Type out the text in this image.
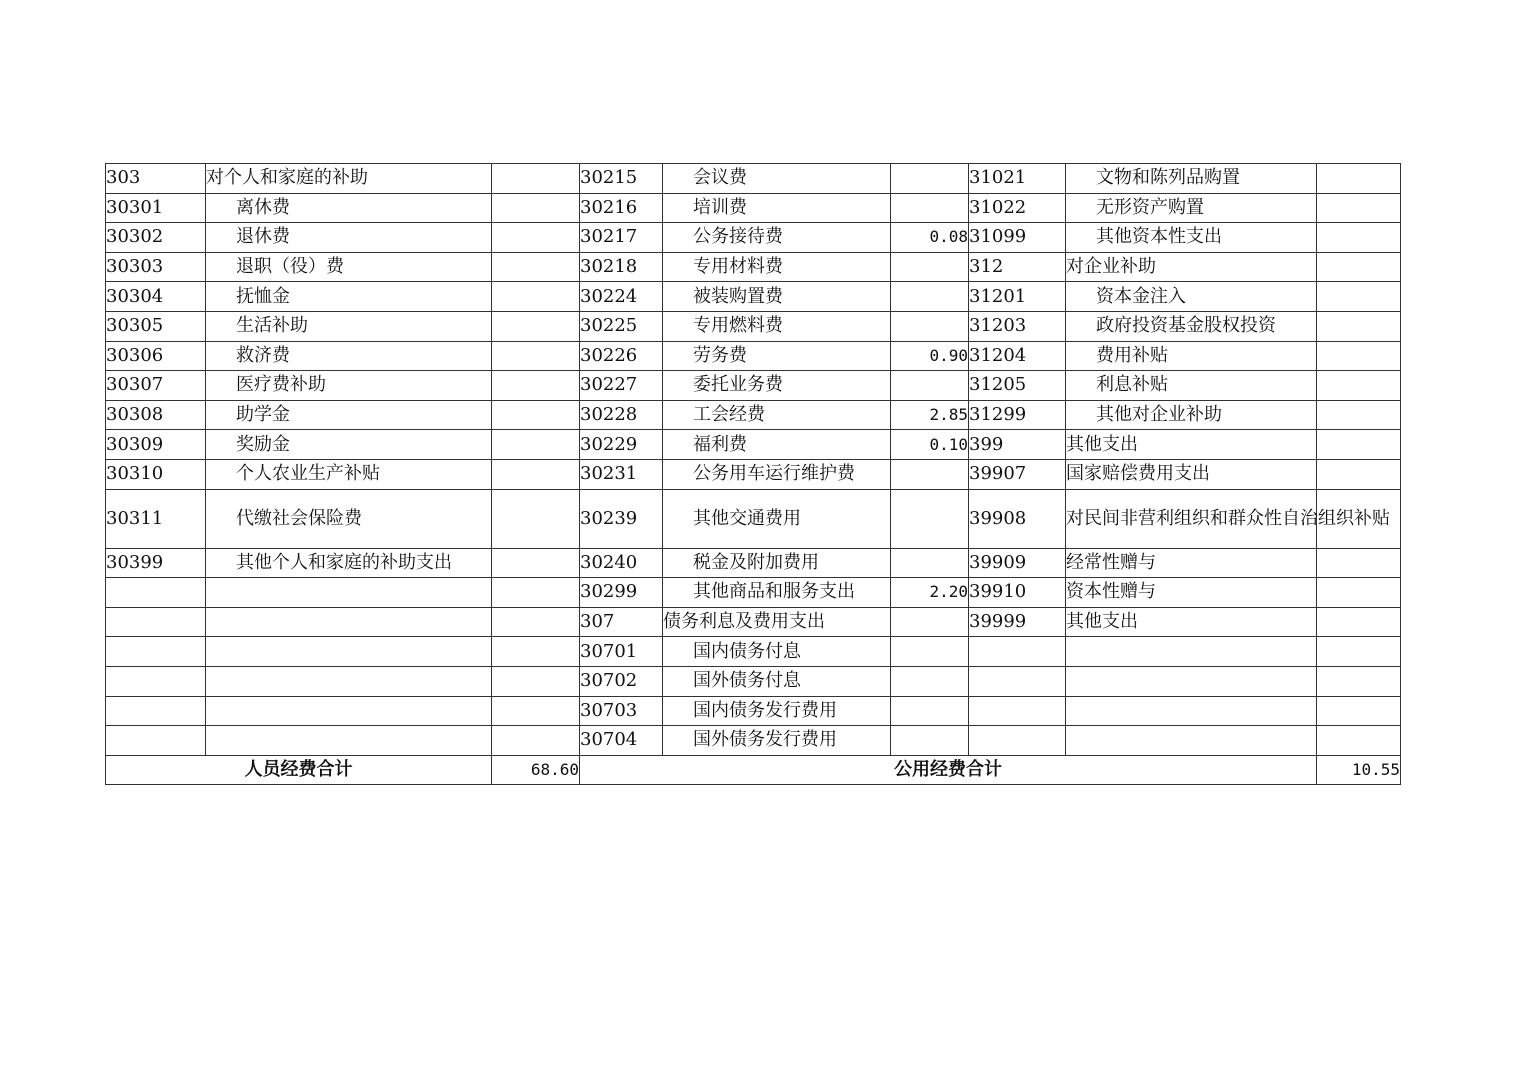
303	对个人和家庭的补助		30215	会议费		31021	文物和陈列品购置	
30301	离休费		30216	培训费		31022	无形资产购置	
30302	退休费		30217	公务接待费	0.08	31099	其他资本性支出	
30303	退职（役）费		30218	专用材料费		312	对企业补助	
30304	抚恤金		30224	被装购置费		31201	资本金注入	
30305	生活补助		30225	专用燃料费		31203	政府投资基金股权投资	
30306	救济费		30226	劳务费	0.90	31204	费用补贴	
30307	医疗费补助		30227	委托业务费		31205	利息补贴	
30308	助学金		30228	工会经费	2.85	31299	其他对企业补助	
30309	奖励金		30229	福利费	0.10	399	其他支出	
30310	个人农业生产补贴		30231	公务用车运行维护费		39907	国家赔偿费用支出	
30311	代缴社会保险费		30239	其他交通费用		39908	对民间非营利组织和群众性自治组织补贴	
30399	其他个人和家庭的补助支出		30240	税金及附加费用		39909	经常性赠与	
			30299	其他商品和服务支出	2.20	39910	资本性赠与	
			307	债务利息及费用支出		39999	其他支出	
			30701	国内债务付息				
			30702	国外债务付息				
			30703	国内债务发行费用				
			30704	国外债务发行费用				
人员经费合计		68.60	公用经费合计					10.55
